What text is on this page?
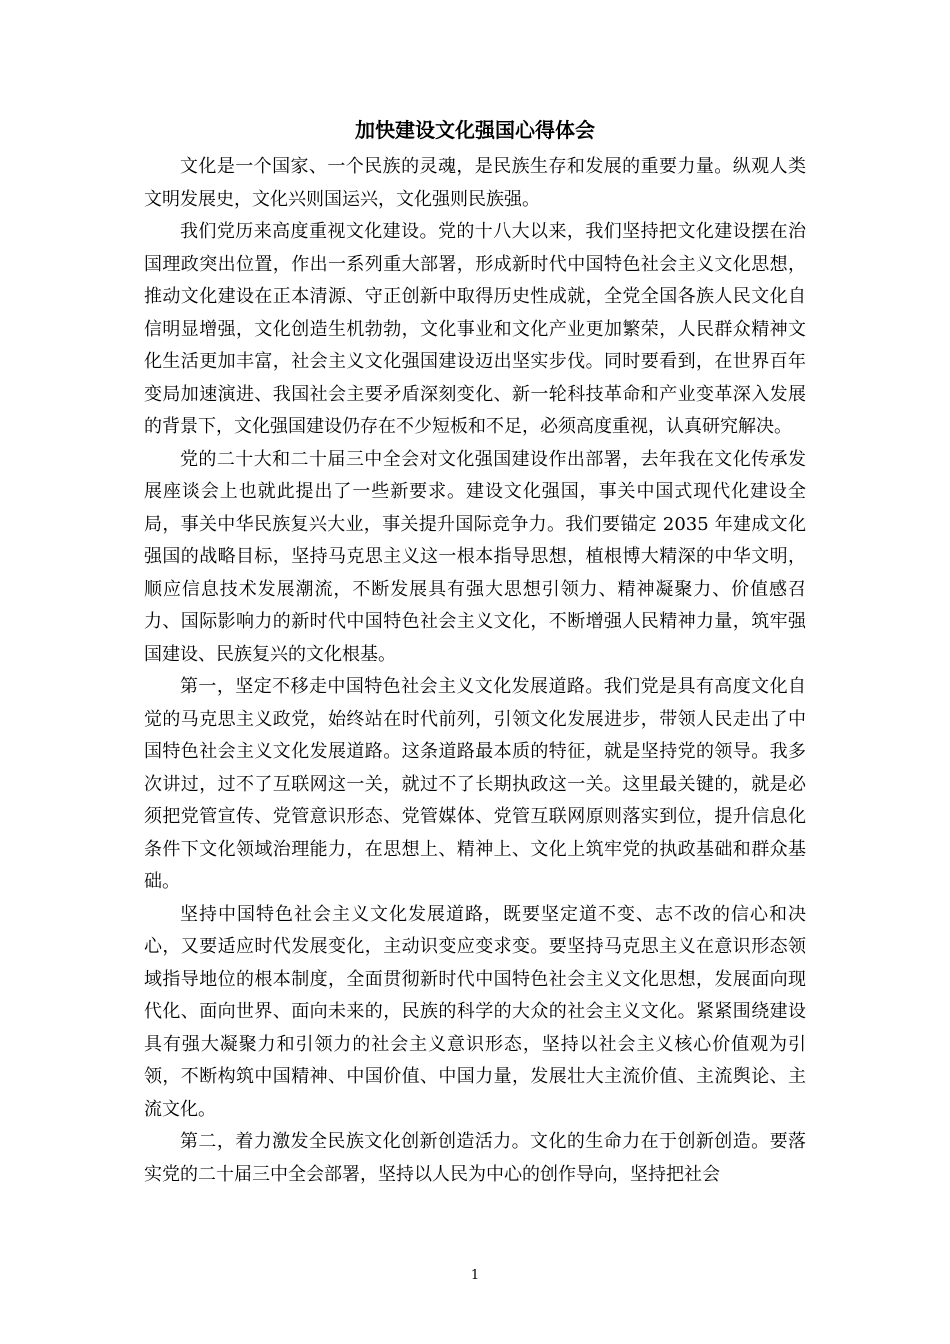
加快建设文化强国心得体会

文化是一个国家、一个民族的灵魂，是民族生存和发展的重要力量。纵观人类文明发展史，文化兴则国运兴，文化强则民族强。

我们党历来高度重视文化建设。党的十八大以来，我们坚持把文化建设摆在治国理政突出位置，作出一系列重大部署，形成新时代中国特色社会主义文化思想，推动文化建设在正本清源、守正创新中取得历史性成就，全党全国各族人民文化自信明显增强，文化创造生机勃勃，文化事业和文化产业更加繁荣，人民群众精神文化生活更加丰富，社会主义文化强国建设迈出坚实步伐。同时要看到，在世界百年变局加速演进、我国社会主要矛盾深刻变化、新一轮科技革命和产业变革深入发展的背景下，文化强国建设仍存在不少短板和不足，必须高度重视，认真研究解决。

党的二十大和二十届三中全会对文化强国建设作出部署，去年我在文化传承发展座谈会上也就此提出了一些新要求。建设文化强国，事关中国式现代化建设全局，事关中华民族复兴大业，事关提升国际竞争力。我们要锚定 2035 年建成文化强国的战略目标，坚持马克思主义这一根本指导思想，植根博大精深的中华文明，顺应信息技术发展潮流，不断发展具有强大思想引领力、精神凝聚力、价值感召力、国际影响力的新时代中国特色社会主义文化，不断增强人民精神力量，筑牢强国建设、民族复兴的文化根基。

第一，坚定不移走中国特色社会主义文化发展道路。我们党是具有高度文化自觉的马克思主义政党，始终站在时代前列，引领文化发展进步，带领人民走出了中国特色社会主义文化发展道路。这条道路最本质的特征，就是坚持党的领导。我多次讲过，过不了互联网这一关，就过不了长期执政这一关。这里最关键的，就是必须把党管宣传、党管意识形态、党管媒体、党管互联网原则落实到位，提升信息化条件下文化领域治理能力，在思想上、精神上、文化上筑牢党的执政基础和群众基础。

坚持中国特色社会主义文化发展道路，既要坚定道不变、志不改的信心和决心，又要适应时代发展变化，主动识变应变求变。要坚持马克思主义在意识形态领域指导地位的根本制度，全面贯彻新时代中国特色社会主义文化思想，发展面向现代化、面向世界、面向未来的，民族的科学的大众的社会主义文化。紧紧围绕建设具有强大凝聚力和引领力的社会主义意识形态，坚持以社会主义核心价值观为引领，不断构筑中国精神、中国价值、中国力量，发展壮大主流价值、主流舆论、主流文化。

第二，着力激发全民族文化创新创造活力。文化的生命力在于创新创造。要落实党的二十届三中全会部署，坚持以人民为中心的创作导向，坚持把社会

1
